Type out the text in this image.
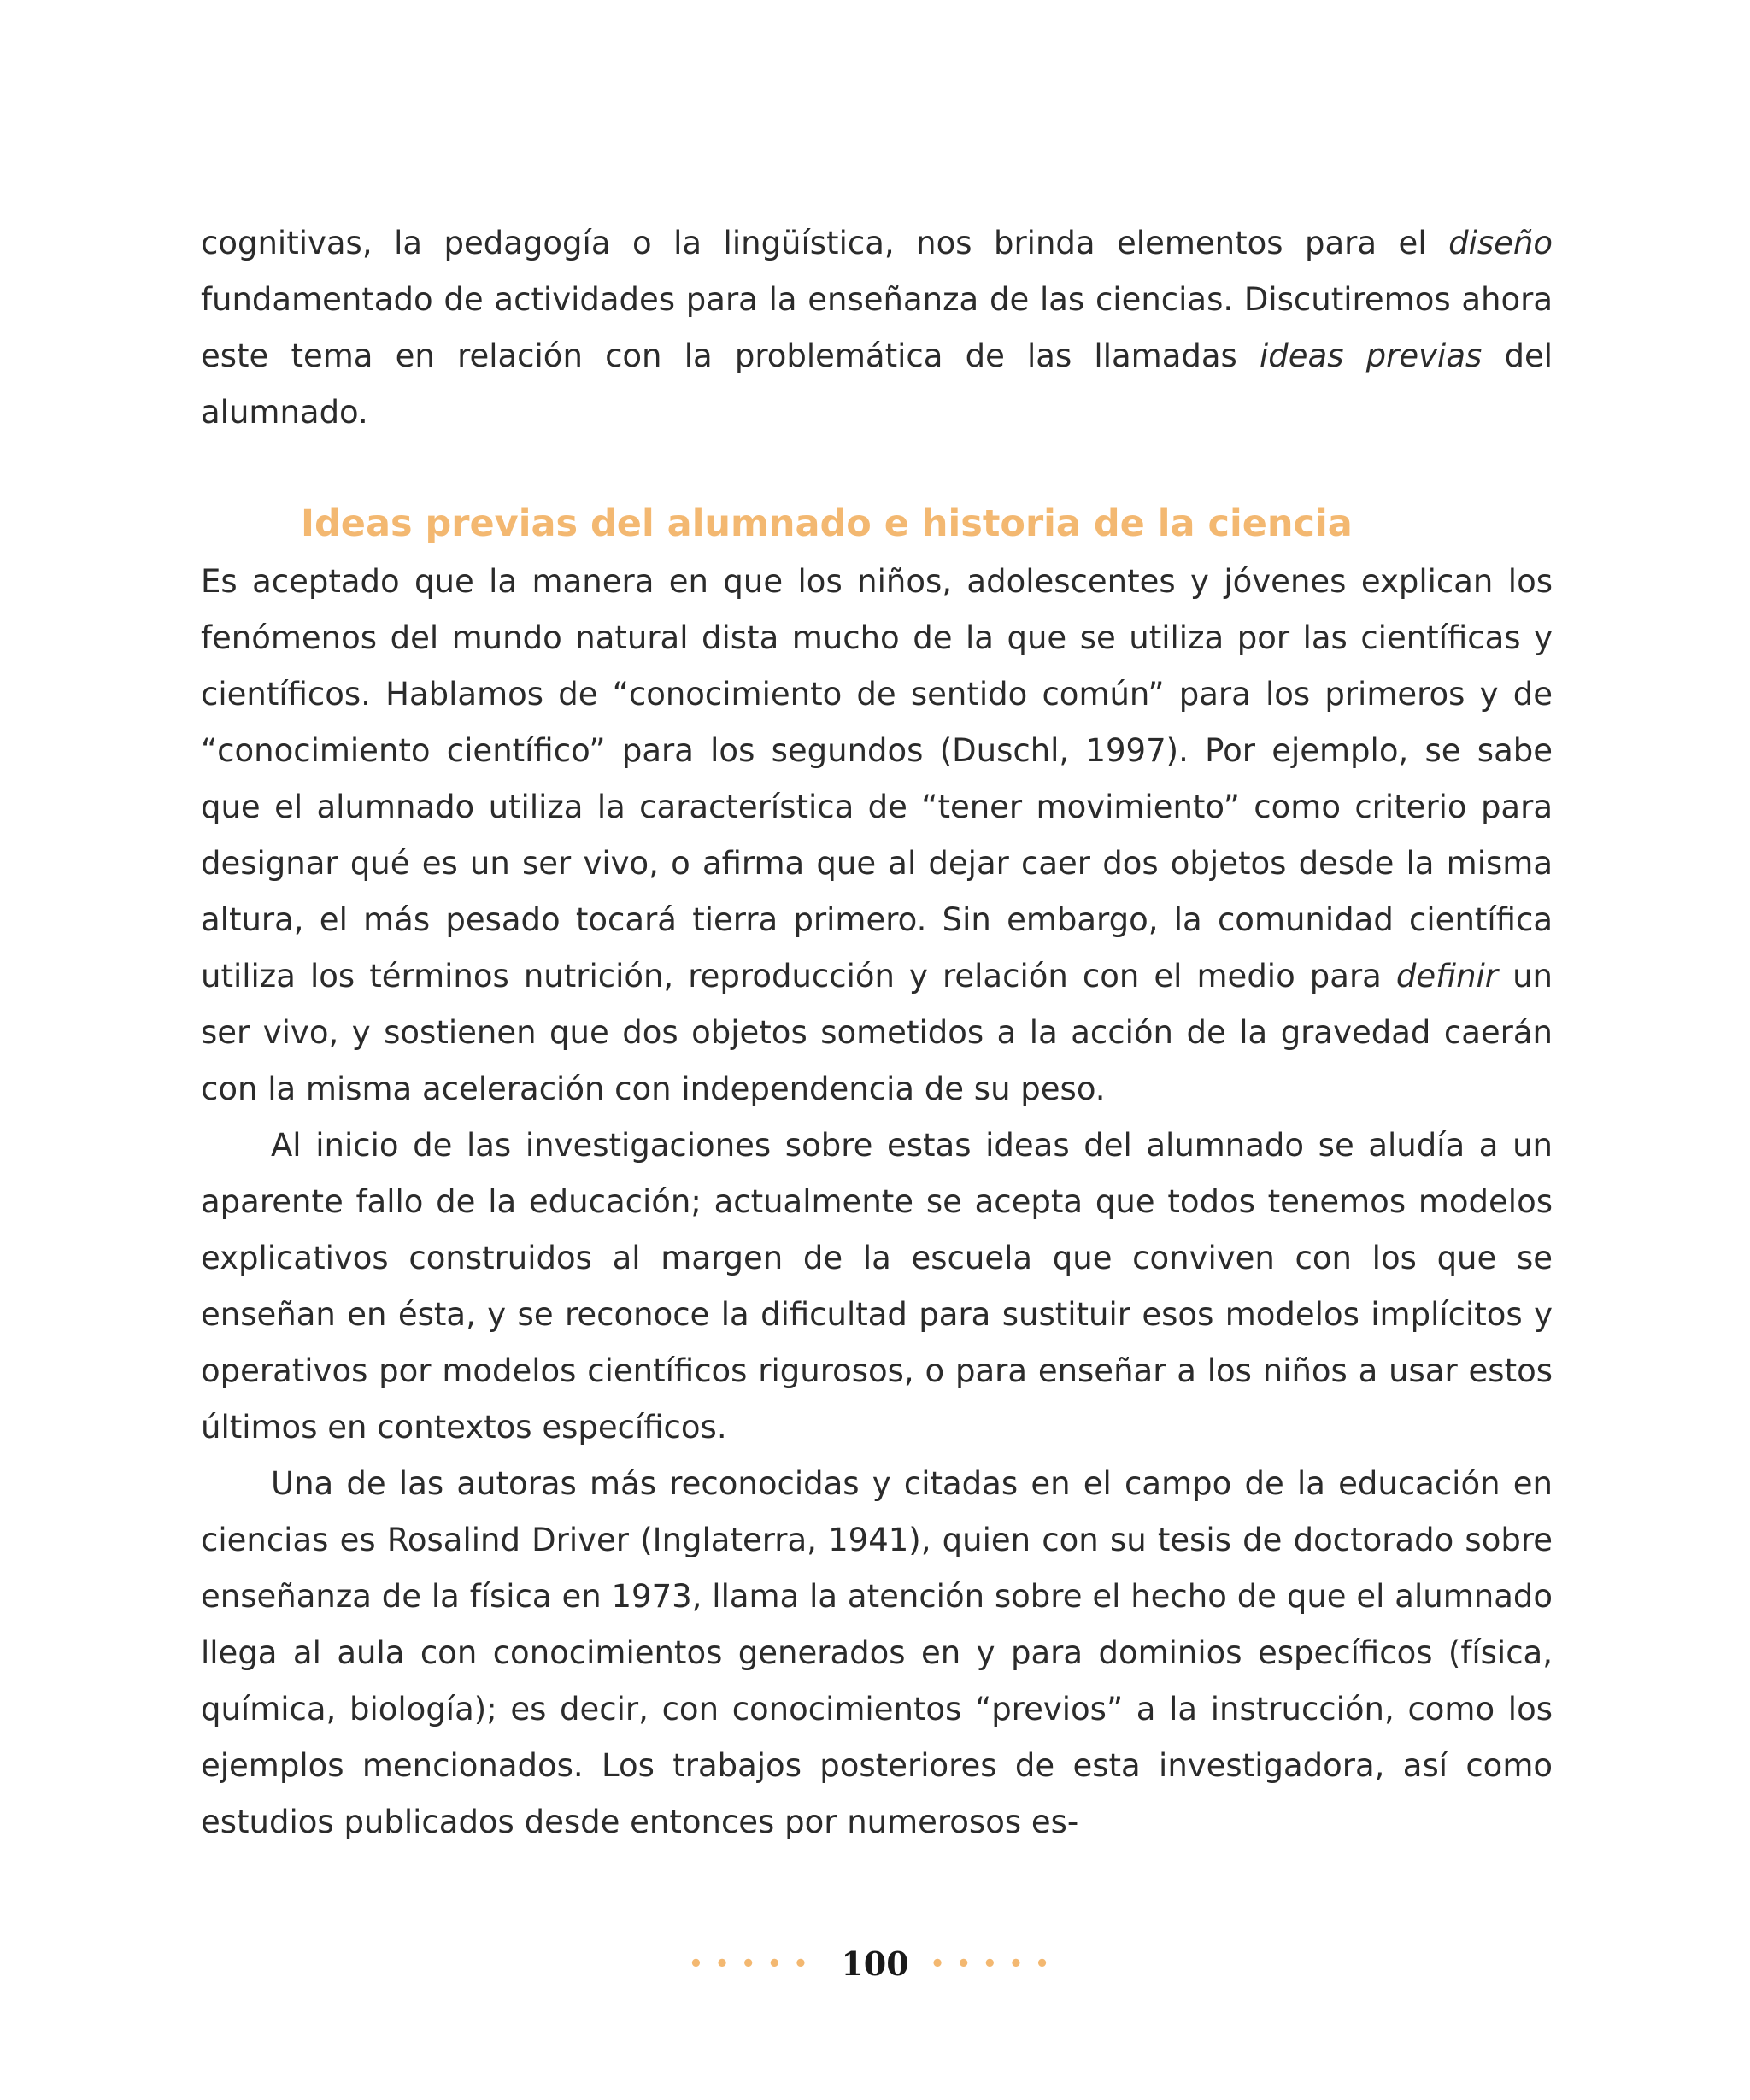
cognitivas, la pedagogía o la lingüística, nos brinda elementos para el diseño fundamentado de actividades para la enseñanza de las ciencias. Discutiremos ahora este tema en relación con la problemática de las llamadas ideas previas del alumnado.

Ideas previas del alumnado e historia de la ciencia

Es aceptado que la manera en que los niños, adolescentes y jóvenes explican los fenómenos del mundo natural dista mucho de la que se utiliza por las científicas y científicos. Hablamos de “conocimiento de sentido común” para los primeros y de “conocimiento científico” para los segundos (Duschl, 1997). Por ejemplo, se sabe que el alumnado utiliza la característica de “tener movimiento” como criterio para designar qué es un ser vivo, o afirma que al dejar caer dos objetos desde la misma altura, el más pesado tocará tierra primero. Sin embargo, la comunidad científica utiliza los términos nutrición, reproducción y relación con el medio para definir un ser vivo, y sostienen que dos objetos sometidos a la acción de la gravedad caerán con la misma aceleración con independencia de su peso.

Al inicio de las investigaciones sobre estas ideas del alumnado se aludía a un aparente fallo de la educación; actualmente se acepta que todos tenemos modelos explicativos construidos al margen de la escuela que conviven con los que se enseñan en ésta, y se reconoce la dificultad para sustituir esos modelos implícitos y operativos por modelos científicos rigurosos, o para enseñar a los niños a usar estos últimos en contextos específicos.

Una de las autoras más reconocidas y citadas en el campo de la educación en ciencias es Rosalind Driver (Inglaterra, 1941), quien con su tesis de doctorado sobre enseñanza de la física en 1973, llama la atención sobre el hecho de que el alumnado llega al aula con conocimientos generados en y para dominios específicos (física, química, biología); es decir, con conocimientos “previos” a la instrucción, como los ejemplos mencionados. Los trabajos posteriores de esta investigadora, así como estudios publicados desde entonces por numerosos es-

••••• 100 •••••
